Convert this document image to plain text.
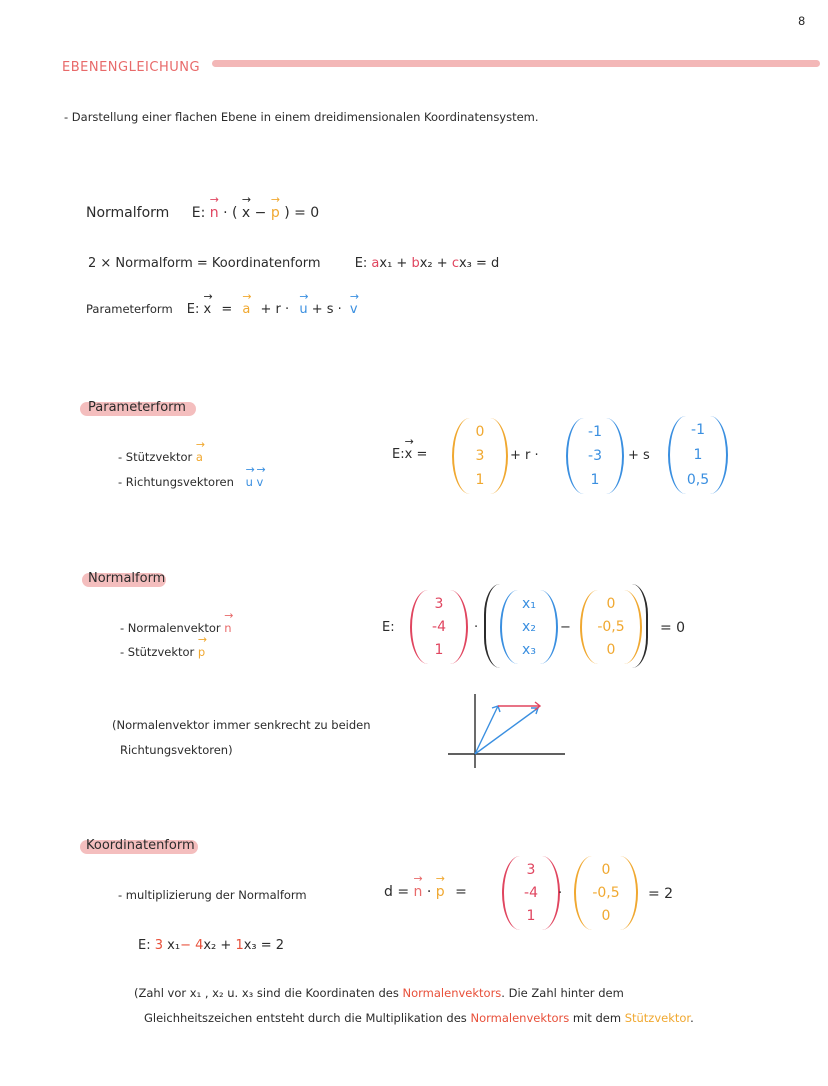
8
EBENENGLEICHUNG
- Darstellung einer flachen Ebene in einem dreidimensionalen Koordinatensystem.
Normalform E:
→
n · (
→
x −
→
p ) = 0
2 × Normalform = Koordinatenform	E: ax₁ + bx₂ + cx₃ = d
Parameterform E:
→
x =
→
a + r ·
→
u + s ·
→
v
Parameterform
- Stützvektor
→
a
- Richtungsvektoren
→
u
→
v
E:
→
x =
0
3
1
+ r ·
-1
-3
1
+ s
-1
1
0,5
Normalform
- Normalenvektor
→
n
- Stützvektor
→
p
E:
3
-4
1
·
x₁
x₂
x₃
−
0
-0,5
0
= 0
(Normalenvektor immer senkrecht zu beiden
Richtungsvektoren)
Koordinatenform
- multiplizierung der Normalform	d =
→
n ·
→
p =
3
-4
1
·
0
-0,5
0
= 2
E: 3 x₁− 4x₂ + 1x₃ = 2
(Zahl vor x₁ , x₂ u. x₃ sind die Koordinaten des Normalenvektors. Die Zahl hinter dem
Gleichheitszeichen entsteht durch die Multiplikation des Normalenvektors mit dem Stützvektor.
